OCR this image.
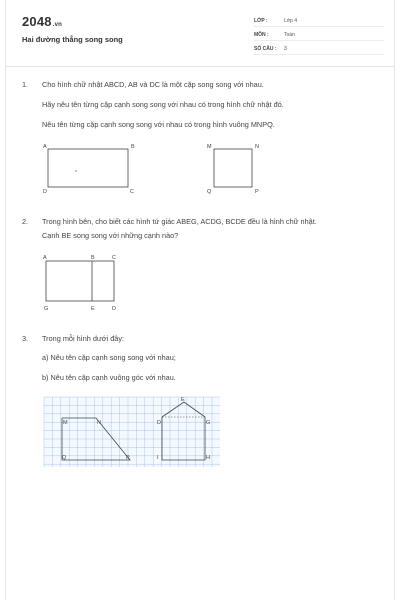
2048.vn
Hai đường thẳng song song
LỚP :	Lớp 4
MÔN :	Toán
SỐ CÂU :	3
1. Cho hình chữ nhật ABCD, AB và DC là một cặp song song với nhau.
Hãy nêu tên từng cặp cạnh song song với nhau có trong hình chữ nhật đó.
Nêu tên từng cặp cạnh song song với nhau có trong hình vuông MNPQ.
A	B
C
D
M	N
P
Q
2. Trong hình bên, cho biết các hình tứ giác ABEG, ACDG, BCDE đều là hình chữ nhật.
Cạnh BE song song với những cạnh nào?
A	B	C
G	E	D
3. Trong mỗi hình dưới đây:
a) Nêu tên cặp cạnh song song với nhau;
b) Nêu tên cặp cạnh vuông góc với nhau.
M	N
Q	P
E
D	G
I	H
